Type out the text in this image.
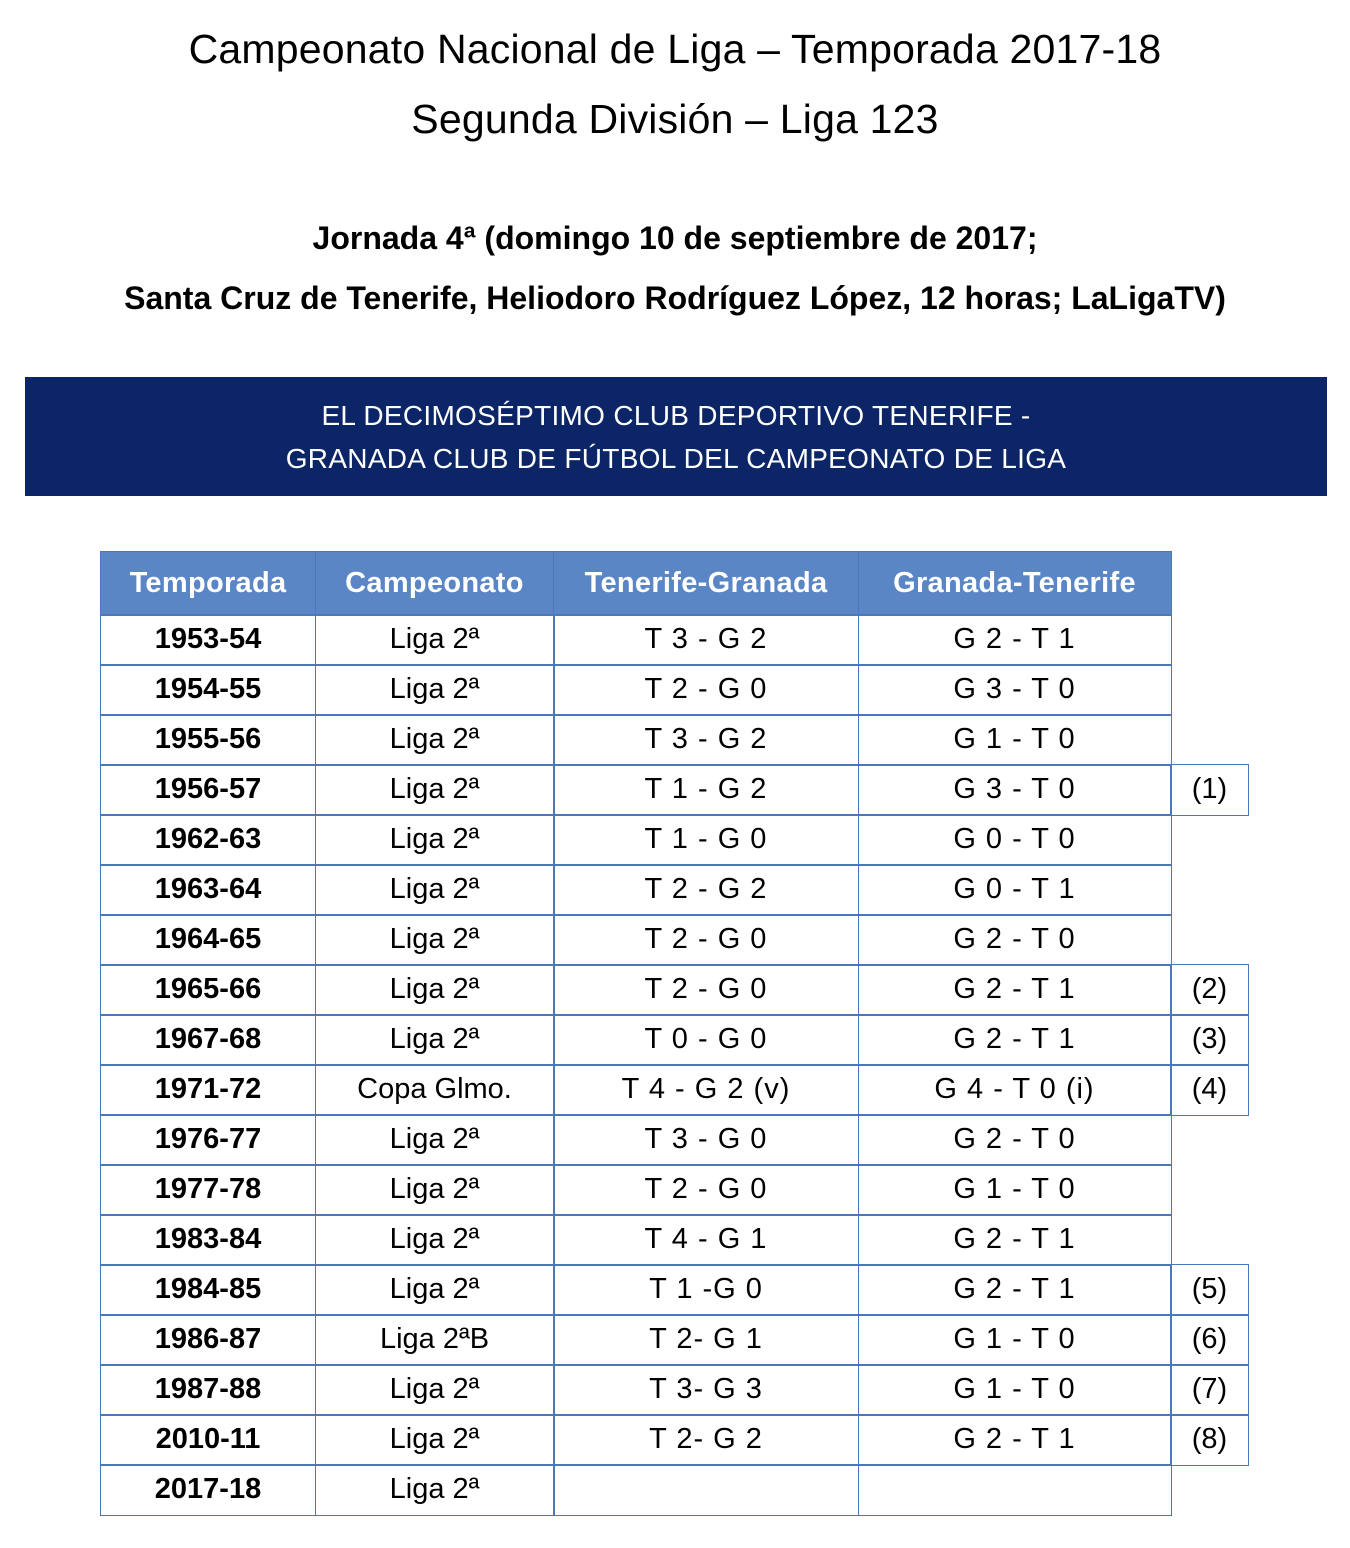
Campeonato Nacional de Liga – Temporada 2017-18
Segunda División – Liga 123
Jornada 4ª (domingo 10 de septiembre de 2017;
Santa Cruz de Tenerife, Heliodoro Rodríguez López, 12 horas; LaLigaTV)
EL DECIMOSÉPTIMO CLUB DEPORTIVO TENERIFE -
GRANADA CLUB DE FÚTBOL DEL CAMPEONATO DE LIGA
Temporada	Campeonato	Tenerife-Granada	Granada-Tenerife
1953-54	Liga 2ª	T 3 - G 2	G 2 - T 1
1954-55	Liga 2ª	T 2 - G 0	G 3 - T 0
1955-56	Liga 2ª	T 3 - G 2	G 1 - T 0
1956-57	Liga 2ª	T 1 - G 2	G 3 - T 0	(1)
1962-63	Liga 2ª	T 1 - G 0	G 0 - T 0
1963-64	Liga 2ª	T 2 - G 2	G 0 - T 1
1964-65	Liga 2ª	T 2 - G 0	G 2 - T 0
1965-66	Liga 2ª	T 2 - G 0	G 2 - T 1	(2)
1967-68	Liga 2ª	T 0 - G 0	G 2 - T 1	(3)
1971-72	Copa Glmo.	T 4 - G 2 (v)	G 4 - T 0 (i)	(4)
1976-77	Liga 2ª	T 3 - G 0	G 2 - T 0
1977-78	Liga 2ª	T 2 - G 0	G 1 - T 0
1983-84	Liga 2ª	T 4 - G 1	G 2 - T 1
1984-85	Liga 2ª	T 1 -G 0	G 2 - T 1	(5)
1986-87	Liga 2ªB	T 2- G 1	G 1 - T 0	(6)
1987-88	Liga 2ª	T 3- G 3	G 1 - T 0	(7)
2010-11	Liga 2ª	T 2- G 2	G 2 - T 1	(8)
2017-18	Liga 2ª
